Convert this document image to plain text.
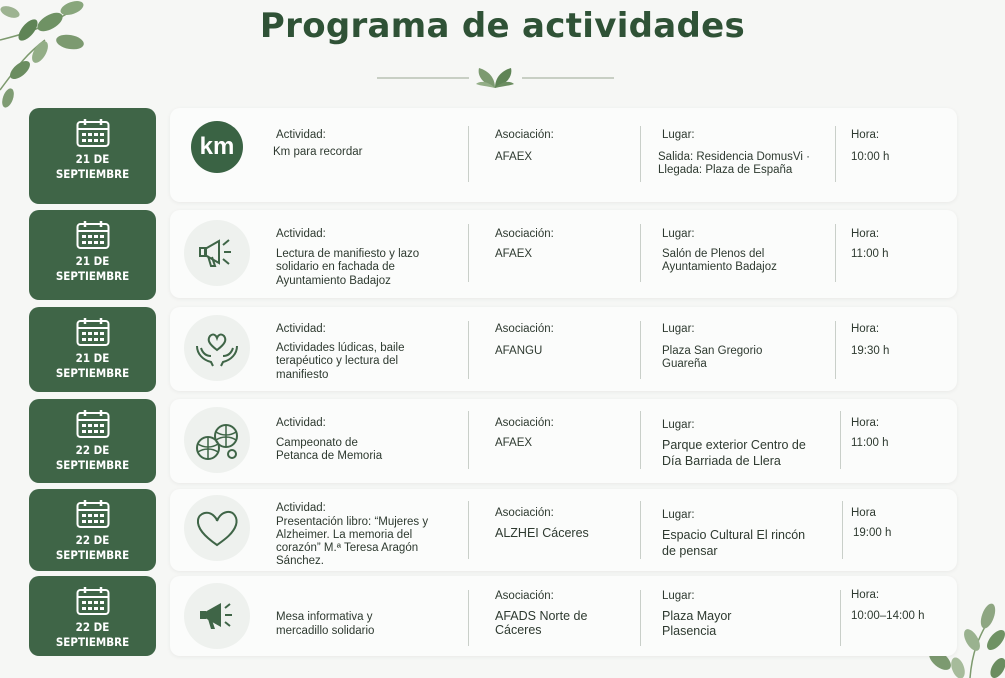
Programa de actividades
21 DE
SEPTIEMBRE
km	Actividad:
Km para recordar
Asociación:
AFAEX
Lugar:
Salida: Residencia DomusVi · Llegada: Plaza de España
Hora:
10:00 h
21 DE
SEPTIEMBRE
Actividad:
Lectura de manifiesto y lazo solidario en fachada de Ayuntamiento Badajoz
Asociación:
AFAEX
Lugar:
Salón de Plenos del Ayuntamiento Badajoz
Hora:
11:00 h
21 DE
SEPTIEMBRE
Actividad:
Actividades lúdicas, baile terapéutico y lectura del manifiesto
Asociación:
AFANGU
Lugar:
Plaza San Gregorio Guareña
Hora:
19:30 h
22 DE
SEPTIEMBRE
Actividad:
Campeonato de Petanca de Memoria
Asociación:
AFAEX
Lugar:
Parque exterior Centro de Día Barriada de Llera
Hora:
11:00 h
22 DE
SEPTIEMBRE
Actividad:
Presentación libro: “Mujeres y Alzheimer. La memoria del corazón” M.ª Teresa Aragón Sánchez.
Asociación:
ALZHEI Cáceres
Lugar:
Espacio Cultural El rincón de pensar
Hora
19:00 h
22 DE
SEPTIEMBRE
Mesa informativa y mercadillo solidario
Asociación:
AFADS Norte de Cáceres
Lugar:
Plaza Mayor Plasencia
Hora:
10:00–14:00 h
